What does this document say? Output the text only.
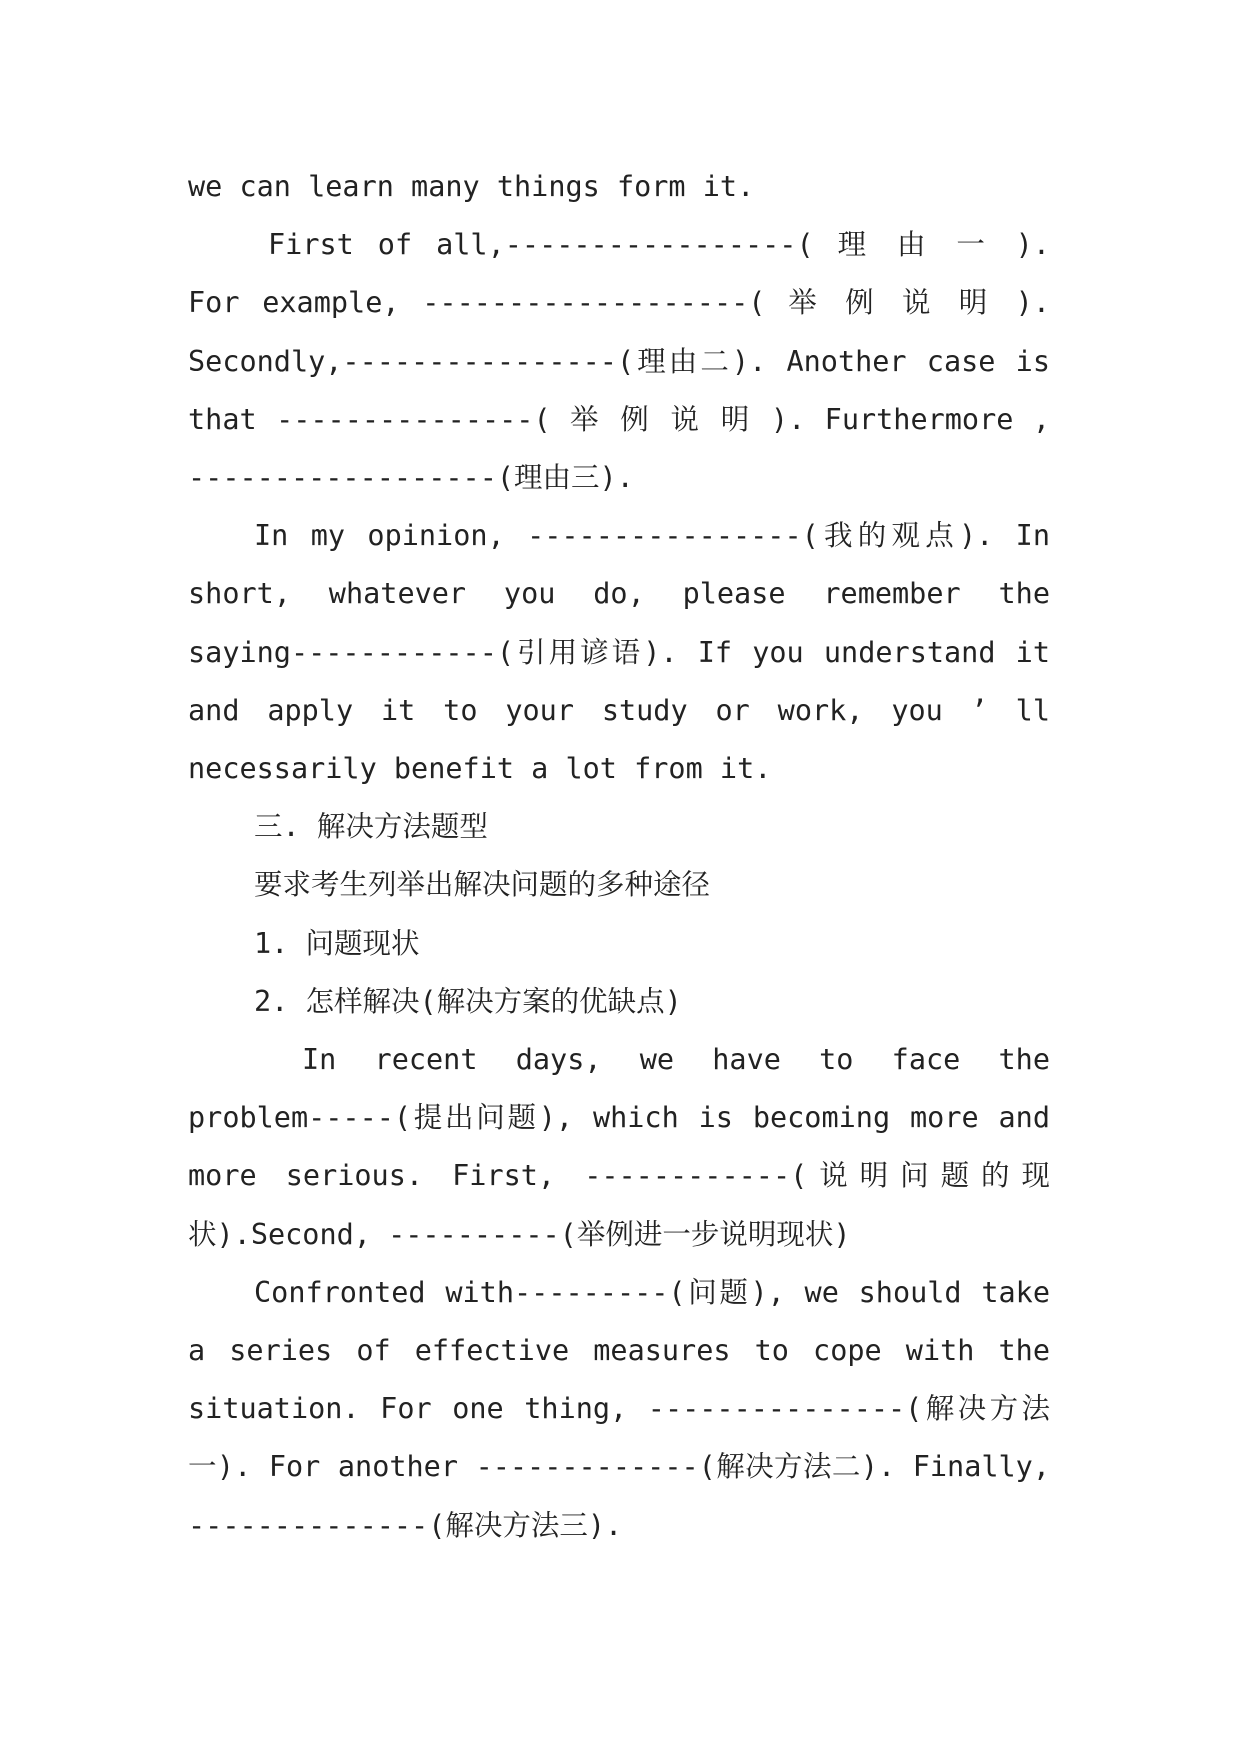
we can learn many things form it.

First of all,-----------------( 理 由 一 ). For example, -------------------( 举 例 说 明 ). Secondly,----------------(理由二). Another case is that ---------------( 举 例 说 明 ). Furthermore , ------------------(理由三).

In my opinion, ----------------(我的观点). In short, whatever you do, please remember the saying------------(引用谚语). If you understand it and apply it to your study or work, you ’ ll necessarily benefit a lot from it.

三. 解决方法题型

要求考生列举出解决问题的多种途径

1. 问题现状

2. 怎样解决(解决方案的优缺点)

In recent days, we have to face the problem-----(提出问题), which is becoming more and more serious. First, ------------(说明问题的现状).Second, ----------(举例进一步说明现状)

Confronted with---------(问题), we should take a series of effective measures to cope with the situation. For one thing, ---------------(解决方法一). For another -------------(解决方法二). Finally, --------------(解决方法三).
